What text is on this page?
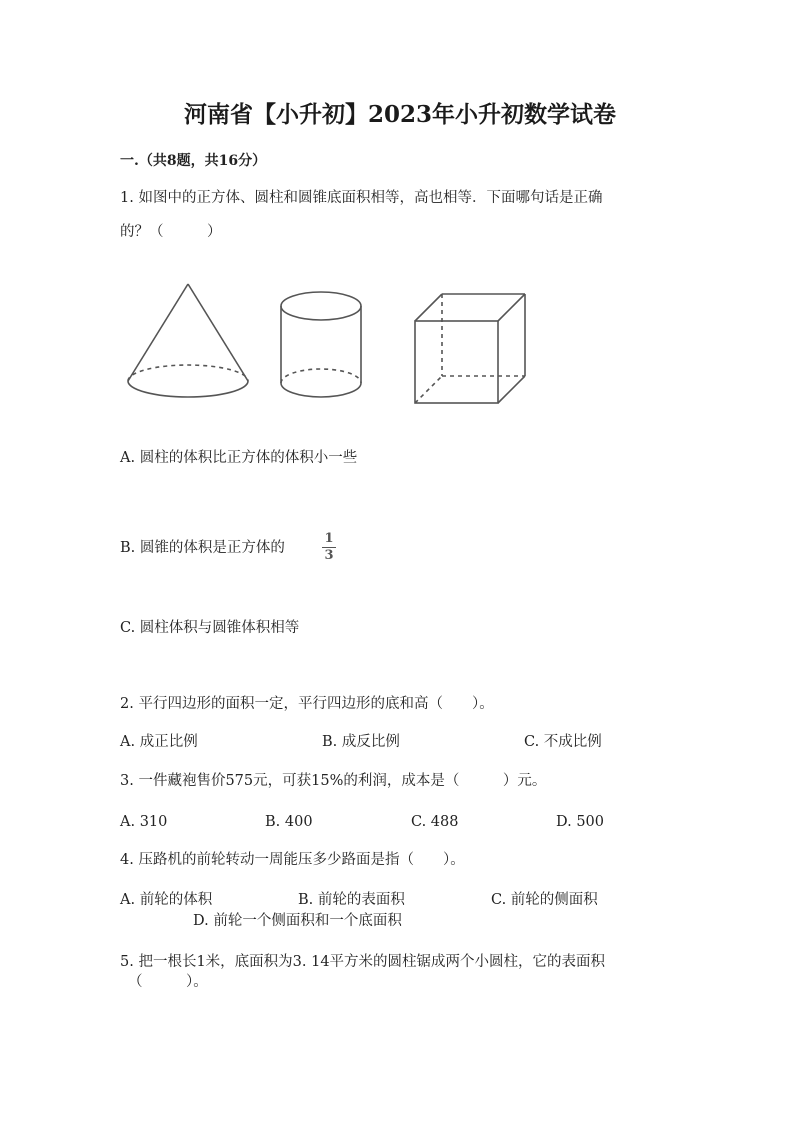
河南省【小升初】2023年小升初数学试卷
一.（共8题，共16分）
1. 如图中的正方体、圆柱和圆锥底面积相等，高也相等．下面哪句话是正确
的？（　　　）
A. 圆柱的体积比正方体的体积小一些
B. 圆锥的体积是正方体的
1
3
C. 圆柱体积与圆锥体积相等
2. 平行四边形的面积一定，平行四边形的底和高（　　）。
A. 成正比例	B. 成反比例	C. 不成比例
3. 一件藏袍售价575元，可获15%的利润，成本是（　　　）元。
A. 310	B. 400	C. 488	D. 500
4. 压路机的前轮转动一周能压多少路面是指（　　）。
A. 前轮的体积	B. 前轮的表面积	C. 前轮的侧面积
D. 前轮一个侧面积和一个底面积
5. 把一根长1米，底面积为3. 14平方米的圆柱锯成两个小圆柱，它的表面积
（　　　）。
